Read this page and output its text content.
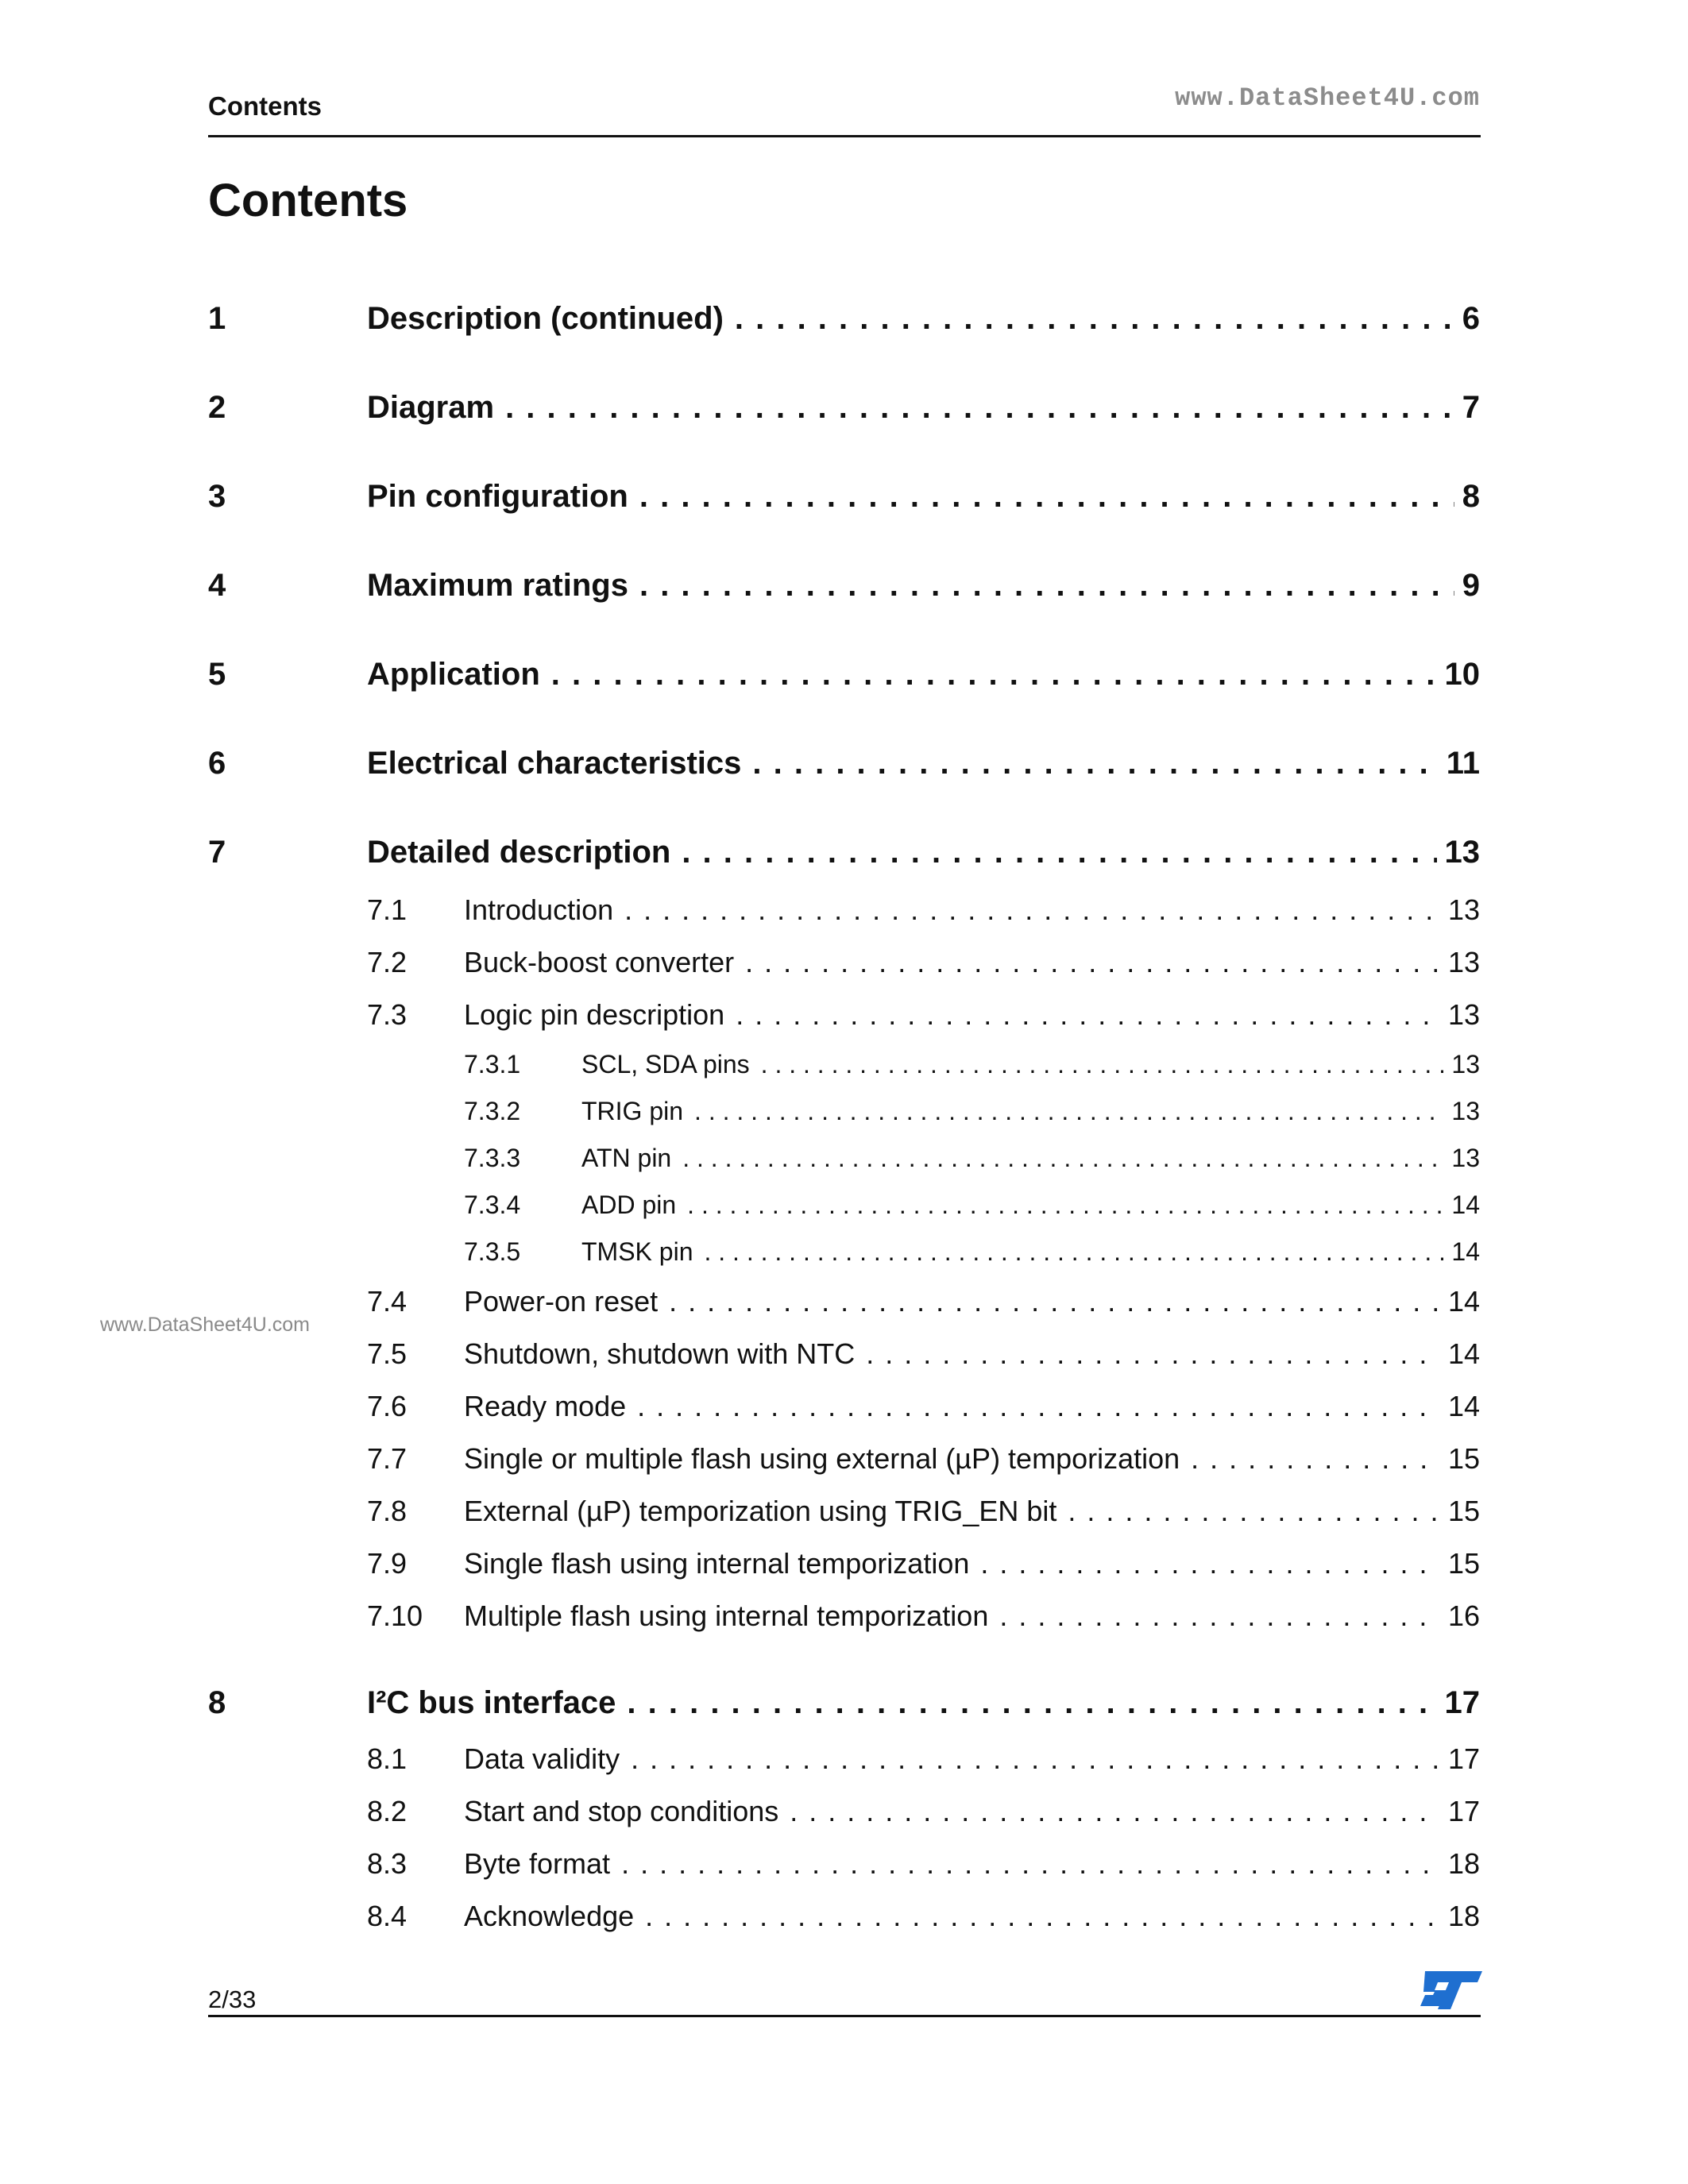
Contents	www.DataSheet4U.com
Contents
www.DataSheet4U.com
1	Description (continued) . . .	6
2	Diagram . . .	7
3	Pin configuration . . .	8
4	Maximum ratings . . .	9
5	Application . . .	10
6	Electrical characteristics . . .	11
7	Detailed description . . .	13
7.1	Introduction . . .	13
7.2	Buck-boost converter . . .	13
7.3	Logic pin description . . .	13
7.3.1	SCL, SDA pins . . .	13
7.3.2	TRIG pin . . .	13
7.3.3	ATN pin . . .	13
7.3.4	ADD pin . . .	14
7.3.5	TMSK pin . . .	14
7.4	Power-on reset . . .	14
7.5	Shutdown, shutdown with NTC . . .	14
7.6	Ready mode . . .	14
7.7	Single or multiple flash using external (µP) temporization . . .	15
7.8	External (µP) temporization using TRIG_EN bit . . .	15
7.9	Single flash using internal temporization . . .	15
7.10	Multiple flash using internal temporization . . .	16
8	I²C bus interface . . .	17
8.1	Data validity . . .	17
8.2	Start and stop conditions . . .	17
8.3	Byte format . . .	18
8.4	Acknowledge . . .	18
2/33
